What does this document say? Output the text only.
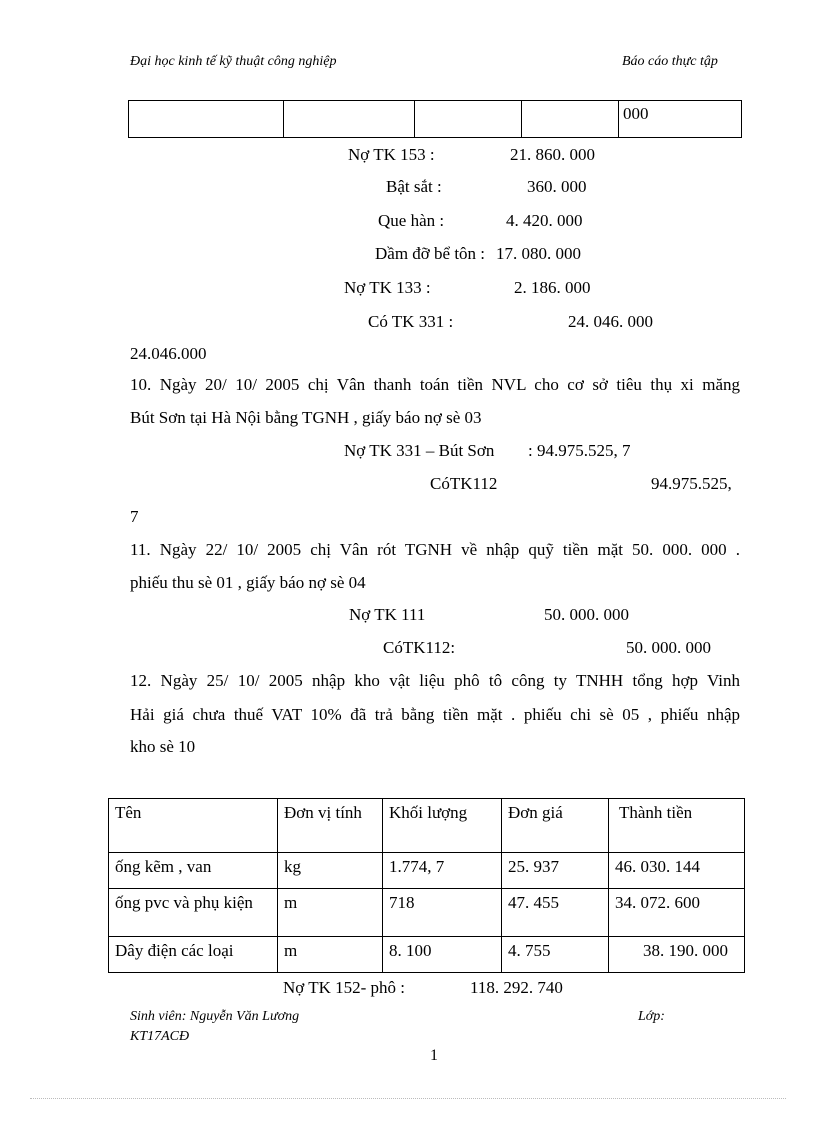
Đại học kinh tế kỹ thuật công nghiệp	Báo cáo thực tập
				000
Nợ TK 153 :	21. 860. 000
Bật sắt :	360. 000
Que hàn :	4. 420. 000
Dầm đỡ bể tôn : 17. 080. 000
Nợ TK 133 :	2. 186. 000
Có TK 331 :	24. 046. 000
24.046.000
10. Ngày 20/ 10/ 2005 chị Vân thanh toán tiền NVL cho cơ sở tiêu thụ xi măng
Bút Sơn tại Hà Nội bằng TGNH , giấy báo nợ sè 03
Nợ TK 331 – Bút Sơn : 94.975.525, 7
CóTK112	94.975.525,
7
11. Ngày 22/ 10/ 2005 chị Vân rót TGNH về nhập quỹ tiền mặt 50. 000. 000 .
phiếu thu sè 01 , giấy báo nợ sè 04
Nợ TK 111	50. 000. 000
CóTK112:	50. 000. 000
12. Ngày 25/ 10/ 2005 nhập kho vật liệu phô tô công ty TNHH tổng hợp Vinh
Hải giá chưa thuế VAT 10% đã trả bằng tiền mặt . phiếu chi sè 05 , phiếu nhập
kho sè 10
Tên	Đơn vị tính	Khối lượng	Đơn giá	Thành tiền
ống kẽm , van	kg	1.774, 7	25. 937	46. 030. 144
ống pvc và phụ kiện	m	718	47. 455	34. 072. 600
Dây điện các loại	m	8. 100	4. 755	38. 190. 000
Nợ TK 152- phô :	118. 292. 740
Sinh viên: Nguyễn Văn Lương	Lớp:
KT17ACĐ
1
